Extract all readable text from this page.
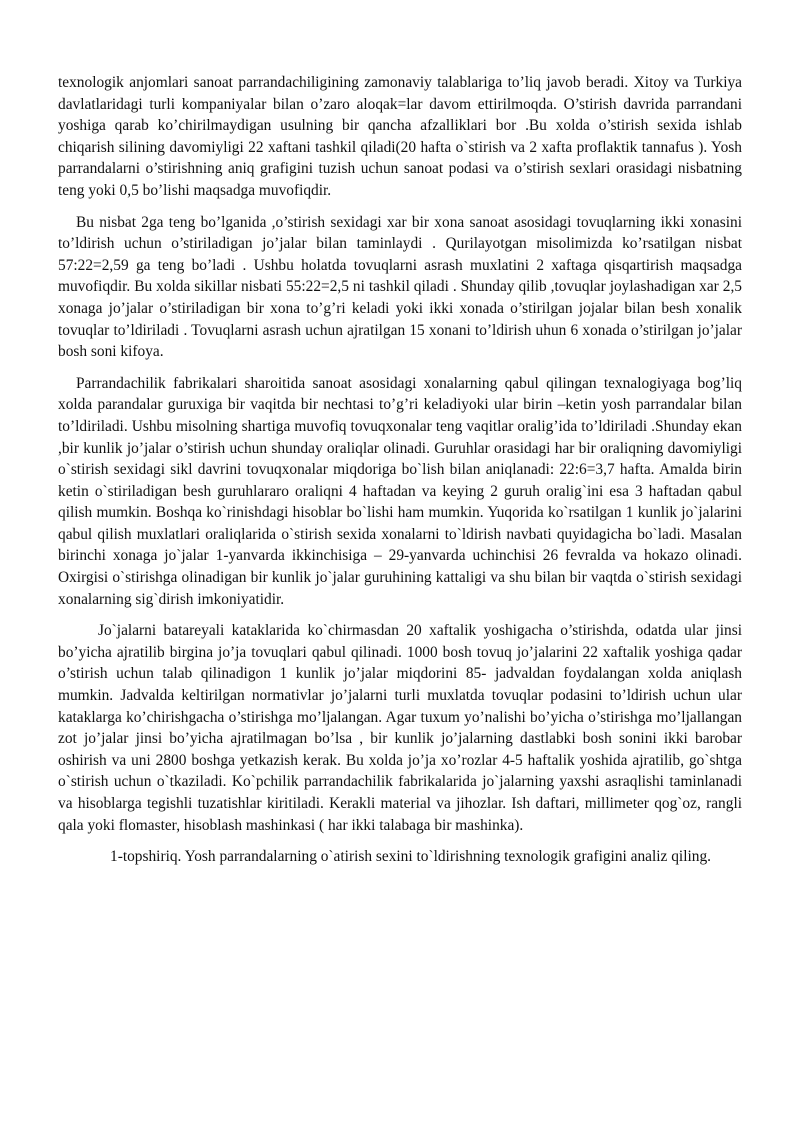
texnologik anjomlari sanoat parrandachiligining zamonaviy talablariga to’liq javob beradi. Xitoy va Turkiya davlatlaridagi turli kompaniyalar bilan o’zaro aloqak=lar davom ettirilmoqda. O’stirish davrida parrandani yoshiga qarab ko’chirilmaydigan usulning bir qancha afzalliklari bor .Bu xolda o’stirish sexida ishlab chiqarish silining davomiyligi 22 xaftani tashkil qiladi(20 hafta o`stirish va 2 xafta proflaktik tannafus ). Yosh parrandalarni o’stirishning aniq grafigini tuzish uchun sanoat podasi va o’stirish sexlari orasidagi nisbatning teng yoki 0,5 bo’lishi maqsadga muvofiqdir.

Bu nisbat 2ga teng bo’lganida ,o’stirish sexidagi xar bir xona sanoat asosidagi tovuqlarning ikki xonasini to’ldirish uchun o’stiriladigan jo’jalar bilan taminlaydi . Qurilayotgan misolimizda ko’rsatilgan nisbat 57:22=2,59 ga teng bo’ladi . Ushbu holatda tovuqlarni asrash muxlatini 2 xaftaga qisqartirish maqsadga muvofiqdir. Bu xolda sikillar nisbati 55:22=2,5 ni tashkil qiladi . Shunday qilib ,tovuqlar joylashadigan xar 2,5 xonaga jo’jalar o’stiriladigan bir xona to’g’ri keladi yoki ikki xonada o’stirilgan jojalar bilan besh xonalik tovuqlar to’ldiriladi . Tovuqlarni asrash uchun ajratilgan 15 xonani to’ldirish uhun 6 xonada o’stirilgan jo’jalar bosh soni kifoya.

Parrandachilik fabrikalari sharoitida sanoat asosidagi xonalarning qabul qilingan texnalogiyaga bog’liq xolda parandalar guruxiga bir vaqitda bir nechtasi to’g’ri keladiyoki ular birin –ketin yosh parrandalar bilan to’ldiriladi. Ushbu misolning shartiga muvofiq tovuqxonalar teng vaqitlar oralig’ida to’ldiriladi .Shunday ekan ,bir kunlik jo’jalar o’stirish uchun shunday oraliqlar olinadi. Guruhlar orasidagi har bir oraliqning davomiyligi o`stirish sexidagi sikl davrini tovuqxonalar miqdoriga bo`lish bilan aniqlanadi: 22:6=3,7 hafta. Amalda birin ketin o`stiriladigan besh guruhlararo oraliqni 4 haftadan va keying 2 guruh oralig`ini esa 3 haftadan qabul qilish mumkin. Boshqa ko`rinishdagi hisoblar bo`lishi ham mumkin. Yuqorida ko`rsatilgan 1 kunlik jo`jalarini qabul qilish muxlatlari oraliqlarida o`stirish sexida xonalarni to`ldirish navbati quyidagicha bo`ladi. Masalan birinchi xonaga jo`jalar 1-yanvarda ikkinchisiga – 29-yanvarda uchinchisi 26 fevralda va hokazo olinadi. Oxirgisi o`stirishga olinadigan bir kunlik jo`jalar guruhining kattaligi va shu bilan bir vaqtda o`stirish sexidagi xonalarning sig`dirish imkoniyatidir.

Jo`jalarni batareyali kataklarida ko`chirmasdan 20 xaftalik yoshigacha o’stirishda, odatda ular jinsi bo’yicha ajratilib birgina jo’ja tovuqlari qabul qilinadi. 1000 bosh tovuq jo’jalarini 22 xaftalik yoshiga qadar o’stirish uchun talab qilinadigon 1 kunlik jo’jalar miqdorini 85- jadvaldan foydalangan xolda aniqlash mumkin. Jadvalda keltirilgan normativlar jo’jalarni turli muxlatda tovuqlar podasini to’ldirish uchun ular kataklarga ko’chirishgacha o’stirishga mo’ljalangan. Agar tuxum yo’nalishi bo’yicha o’stirishga mo’ljallangan zot jo’jalar jinsi bo’yicha ajratilmagan bo’lsa , bir kunlik jo’jalarning dastlabki bosh sonini ikki barobar oshirish va uni 2800 boshga yetkazish kerak. Bu xolda jo’ja xo’rozlar 4-5 haftalik yoshida ajratilib, go`shtga o`stirish uchun o`tkaziladi. Ko`pchilik parrandachilik fabrikalarida jo`jalarning yaxshi asraqlishi taminlanadi va hisoblarga tegishli tuzatishlar kiritiladi. Kerakli material va jihozlar. Ish daftari, millimeter qog`oz, rangli qala yoki flomaster, hisoblash mashinkasi ( har ikki talabaga bir mashinka).

1-topshiriq. Yosh parrandalarning o`atirish sexini to`ldirishning texnologik grafigini analiz qiling.
